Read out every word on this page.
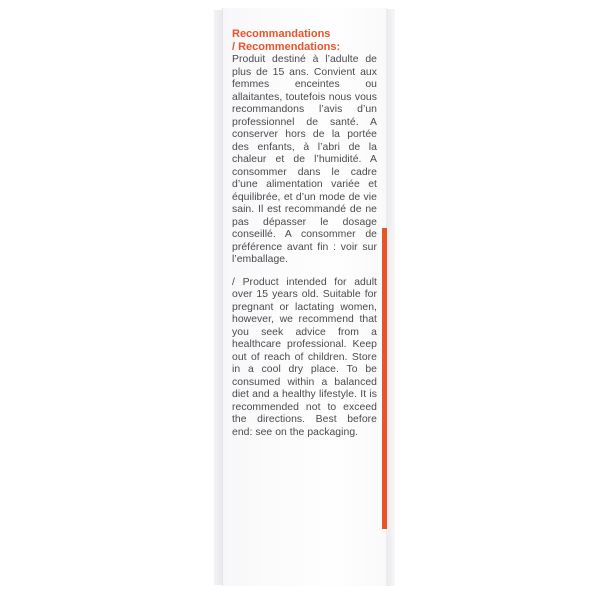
Recommandations
/ Recommendations:

Produit destiné à l’adulte de plus de 15 ans. Convient aux femmes enceintes ou allaitantes, toutefois nous vous recommandons l’avis d’un professionnel de santé. A conserver hors de la portée des enfants, à l’abri de la chaleur et de l’humidité. A consommer dans le cadre d’une alimentation variée et équilibrée, et d’un mode de vie sain. Il est recommandé de ne pas dépasser le dosage conseillé. A consommer de préférence avant fin : voir sur l’emballage.

/ Product intended for adult over 15 years old. Suitable for pregnant or lactating women, however, we recommend that you seek advice from a healthcare professional. Keep out of reach of children. Store in a cool dry place. To be consumed within a balanced diet and a healthy lifestyle. It is recommended not to exceed the directions. Best before end: see on the packaging.
